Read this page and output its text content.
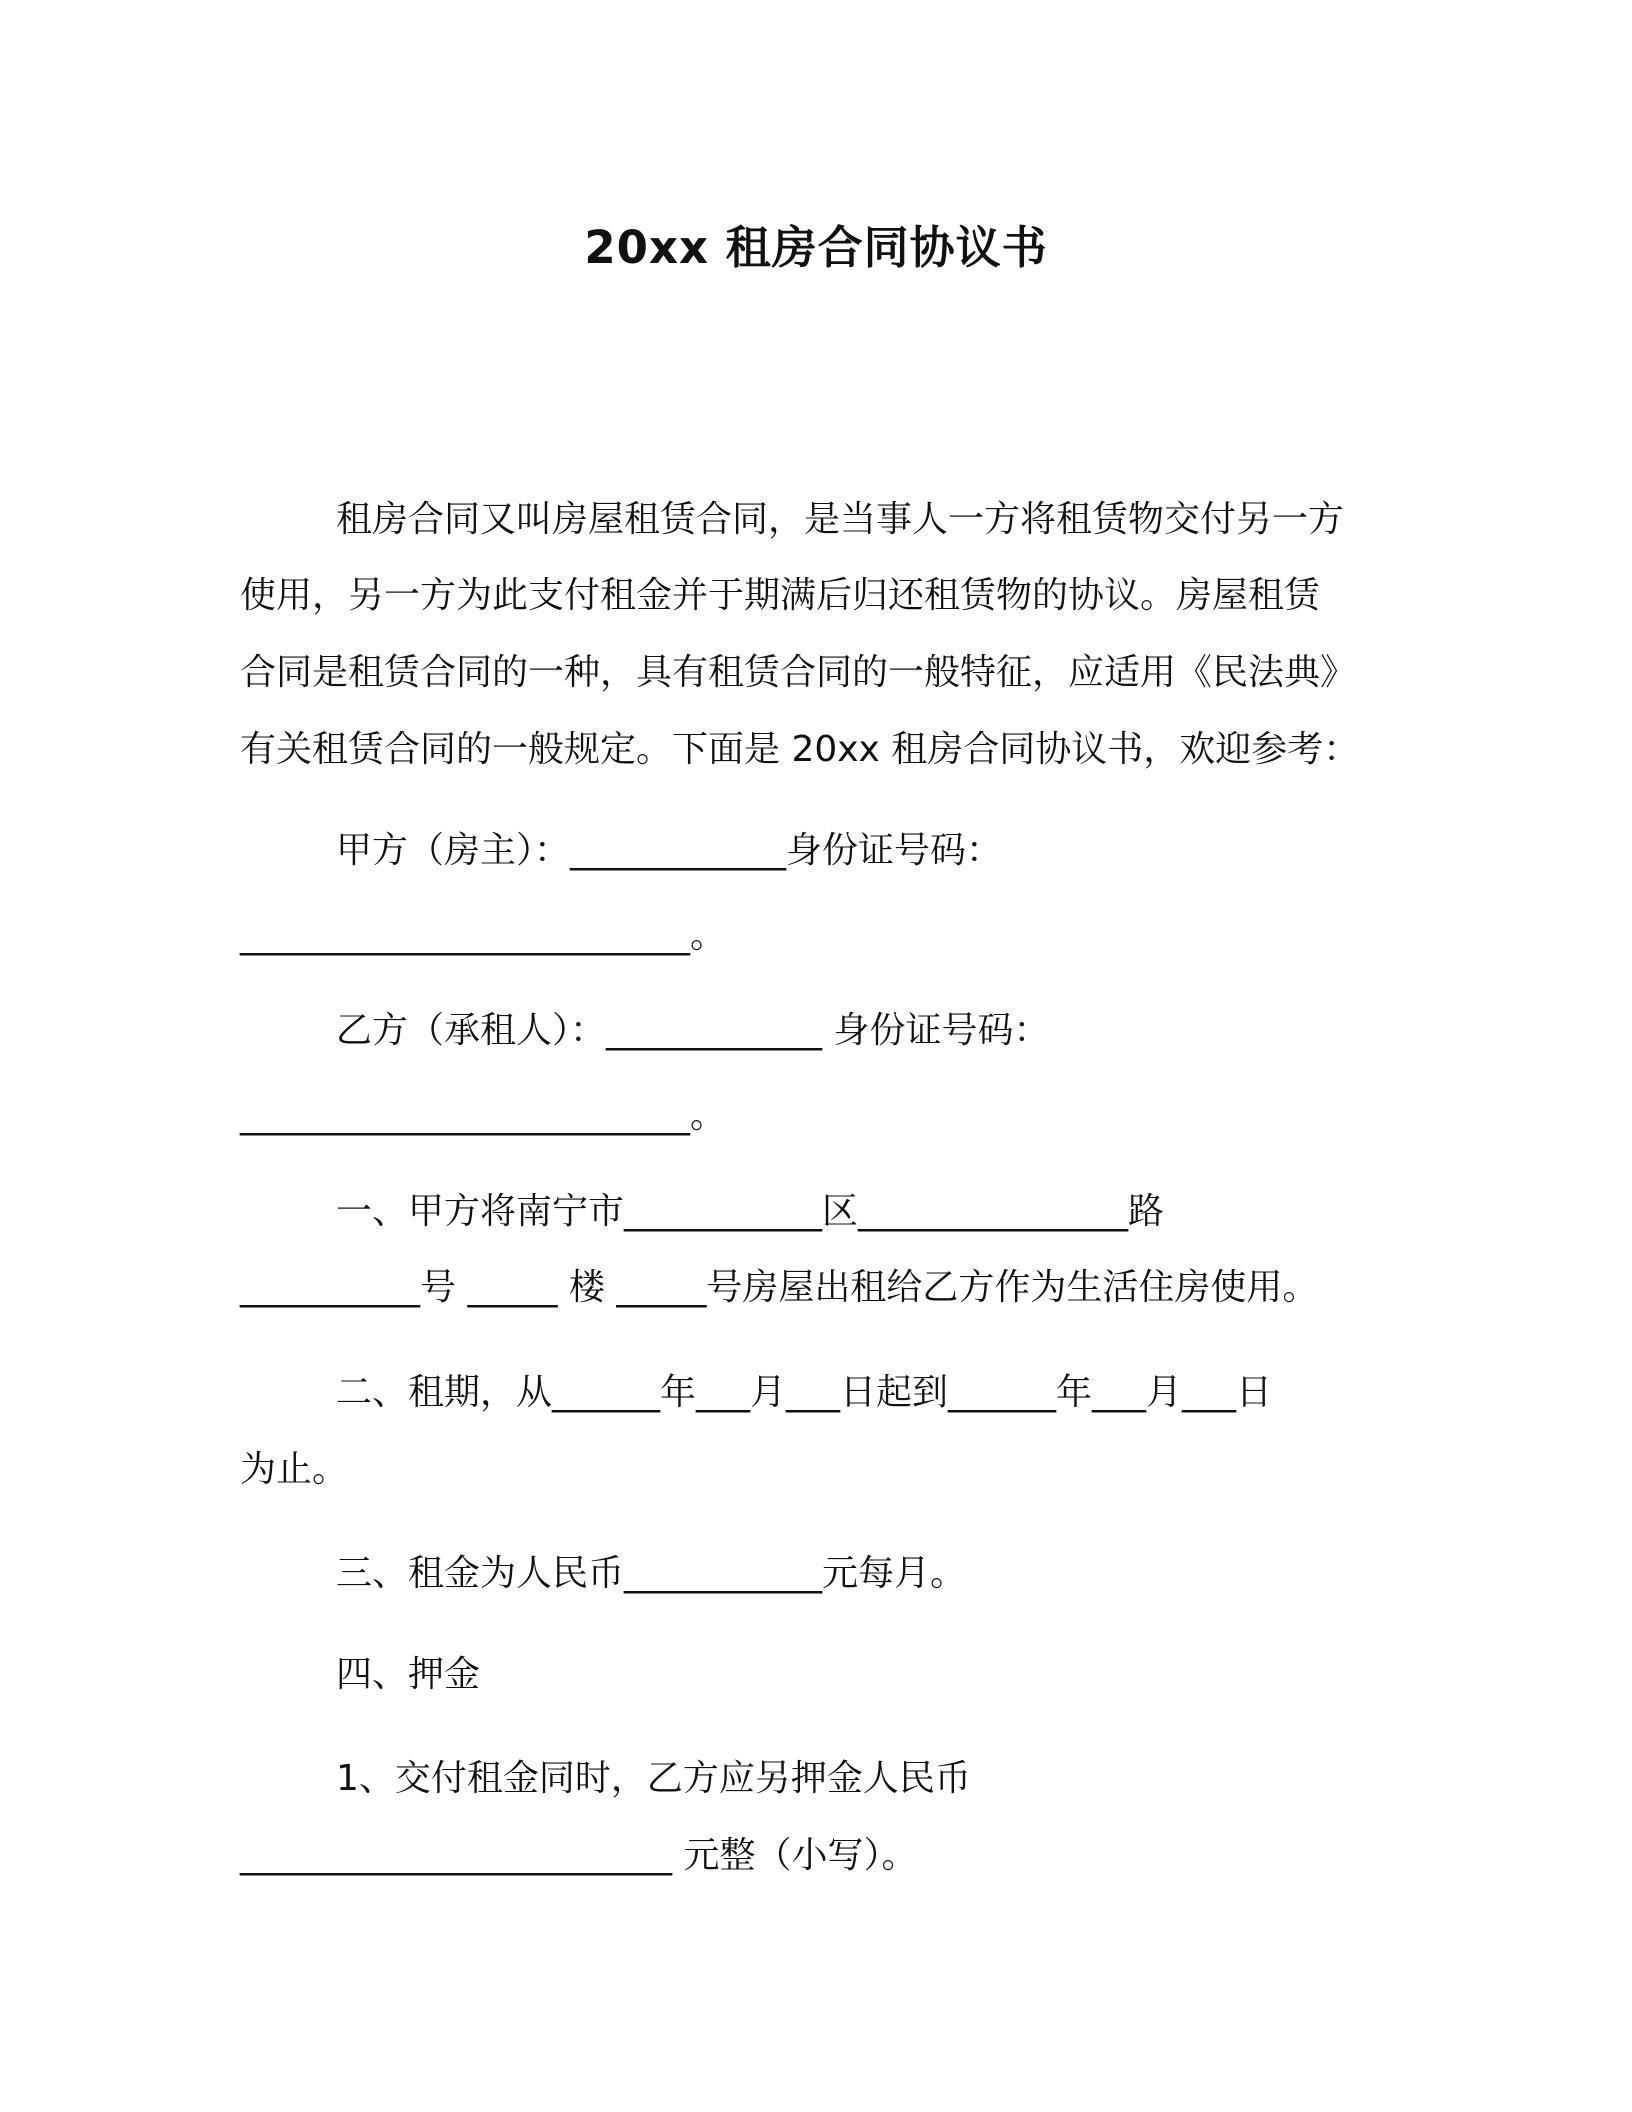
20xx 租房合同协议书
租房合同又叫房屋租赁合同，是当事人一方将租赁物交付另一方
使用，另一方为此支付租金并于期满后归还租赁物的协议。房屋租赁
合同是租赁合同的一种，具有租赁合同的一般特征，应适用《民法典》
有关租赁合同的一般规定。下面是 20xx 租房合同协议书，欢迎参考：
甲方（房主）：____________身份证号码：
_________________________。
乙方（承租人）：____________ 身份证号码：
_________________________。
一、甲方将南宁市___________区_______________路
__________号 _____ 楼 _____号房屋出租给乙方作为生活住房使用。
二、租期，从______年___月___日起到______年___月___日
为止。
三、租金为人民币___________元每月。
四、押金
1、交付租金同时，乙方应另押金人民币
________________________ 元整（小写）。
